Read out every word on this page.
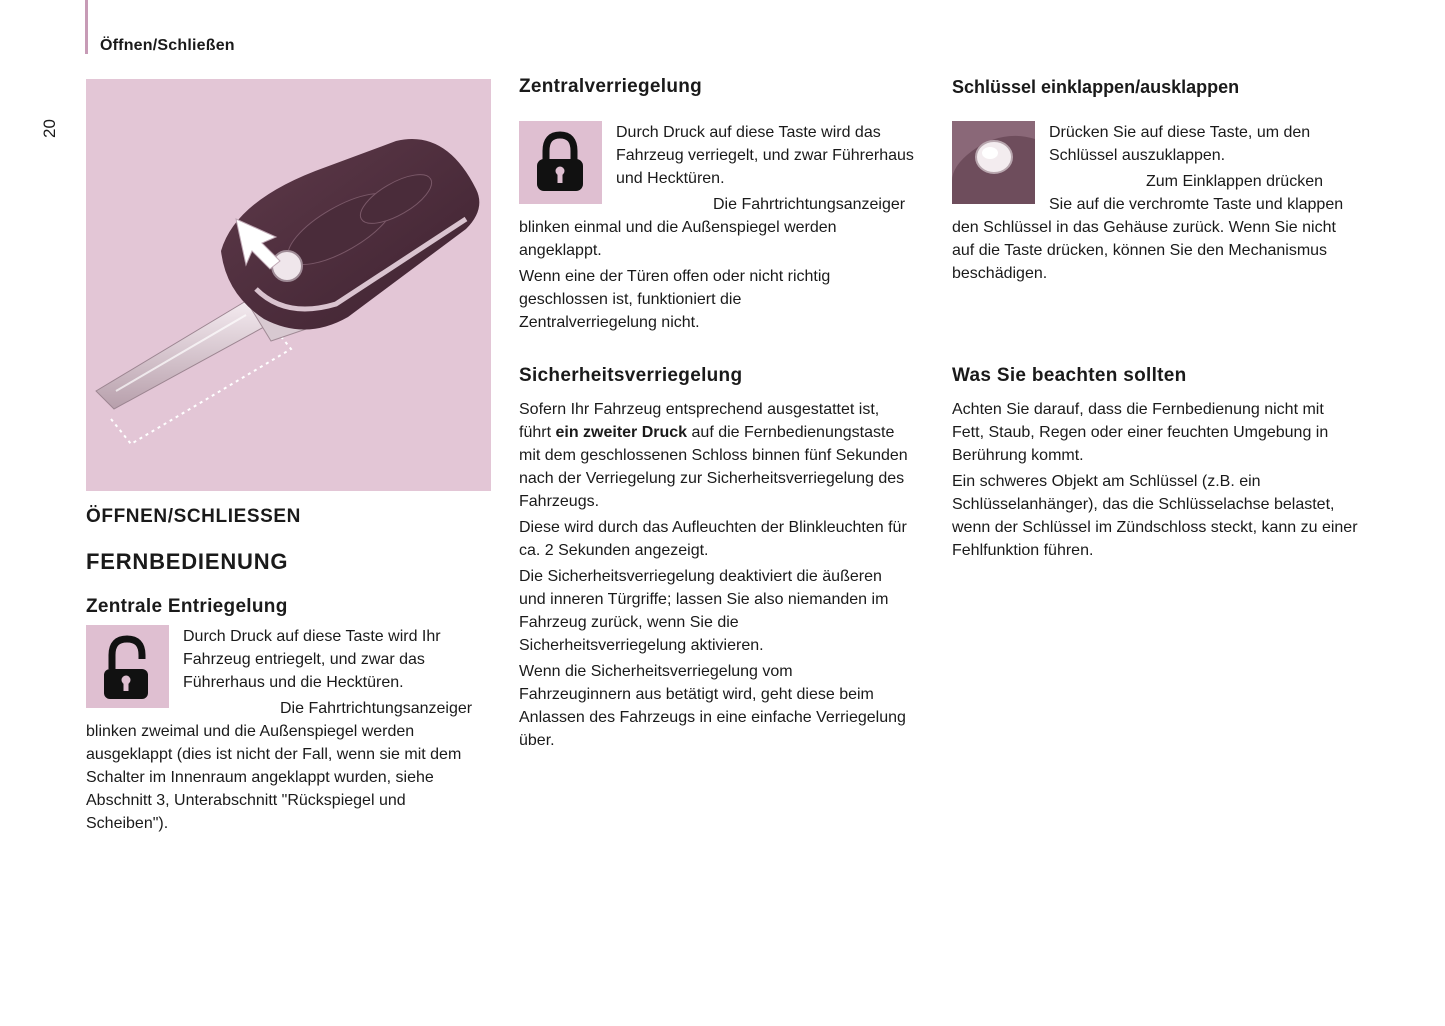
Öffnen/Schließen
20
ÖFFNEN/SCHLIESSEN
FERNBEDIENUNG
Zentrale Entriegelung

Durch Druck auf diese Taste wird Ihr Fahrzeug entriegelt, und zwar das Führerhaus und die Hecktüren.

Die Fahrtrichtungsanzeiger blinken zweimal und die Außenspiegel werden ausgeklappt (dies ist nicht der Fall, wenn sie mit dem Schalter im Innenraum angeklappt wurden, siehe Abschnitt 3, Unterabschnitt "Rückspiegel und Scheiben").

Zentralverriegelung

Durch Druck auf diese Taste wird das Fahrzeug verriegelt, und zwar Führerhaus und Hecktüren.

Die Fahrtrichtungsanzeiger blinken einmal und die Außenspiegel werden angeklappt.

Wenn eine der Türen offen oder nicht richtig geschlossen ist, funktioniert die Zentralverriegelung nicht.

Sicherheitsverriegelung

Sofern Ihr Fahrzeug entsprechend ausgestattet ist, führt ein zweiter Druck auf die Fernbedienungstaste mit dem geschlossenen Schloss binnen fünf Sekunden nach der Verriegelung zur Sicherheitsverriegelung des Fahrzeugs.

Diese wird durch das Aufleuchten der Blinkleuchten für ca. 2 Sekunden angezeigt.

Die Sicherheitsverriegelung deaktiviert die äußeren und inneren Türgriffe; lassen Sie also niemanden im Fahrzeug zurück, wenn Sie die Sicherheitsverriegelung aktivieren.

Wenn die Sicherheitsverriegelung vom Fahrzeuginnern aus betätigt wird, geht diese beim Anlassen des Fahrzeugs in eine einfache Verriegelung über.

Schlüssel einklappen/ausklappen

Drücken Sie auf diese Taste, um den Schlüssel auszuklappen.

Zum Einklappen drücken Sie auf die verchromte Taste und klappen den Schlüssel in das Gehäuse zurück. Wenn Sie nicht auf die Taste drücken, können Sie den Mechanismus beschädigen.

Was Sie beachten sollten

Achten Sie darauf, dass die Fernbedienung nicht mit Fett, Staub, Regen oder einer feuchten Umgebung in Berührung kommt.

Ein schweres Objekt am Schlüssel (z.B. ein Schlüsselanhänger), das die Schlüsselachse belastet, wenn der Schlüssel im Zündschloss steckt, kann zu einer Fehlfunktion führen.
